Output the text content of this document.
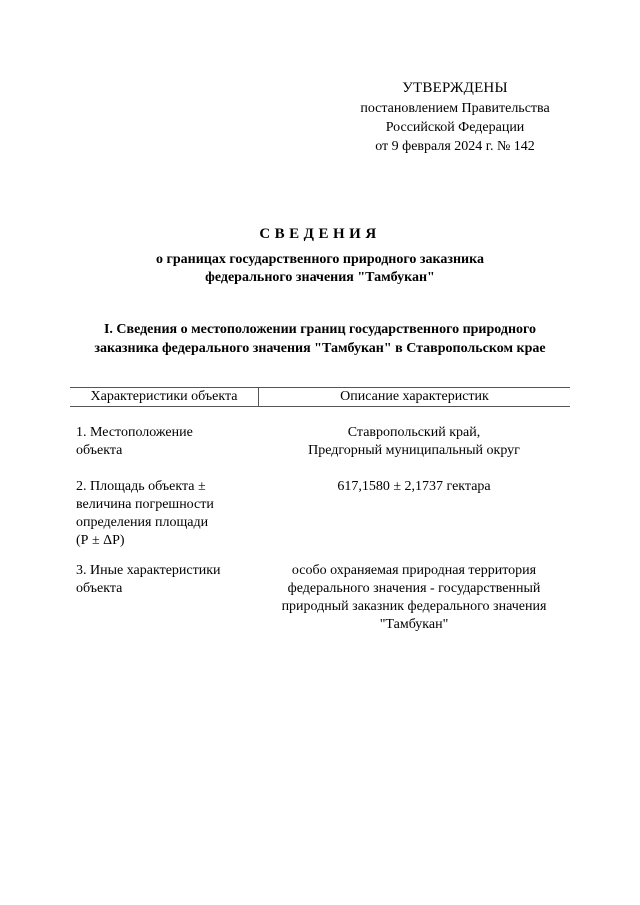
УТВЕРЖДЕНЫ
постановлением Правительства
Российской Федерации
от 9 февраля 2024 г. № 142
СВЕДЕНИЯ
о границах государственного природного заказника
федерального значения "Тамбукан"
I. Сведения о местоположении границ государственного природного
заказника федерального значения "Тамбукан" в Ставропольском крае
Характеристики объекта	Описание характеристик
1. Местоположение
объекта
Ставропольский край,
Предгорный муниципальный округ
2. Площадь объекта ±
величина погрешности
определения площади
(Р ± ΔР)
617,1580 ± 2,1737 гектара
3. Иные характеристики
объекта
особо охраняемая природная территория
федерального значения - государственный
природный заказник федерального значения
"Тамбукан"
